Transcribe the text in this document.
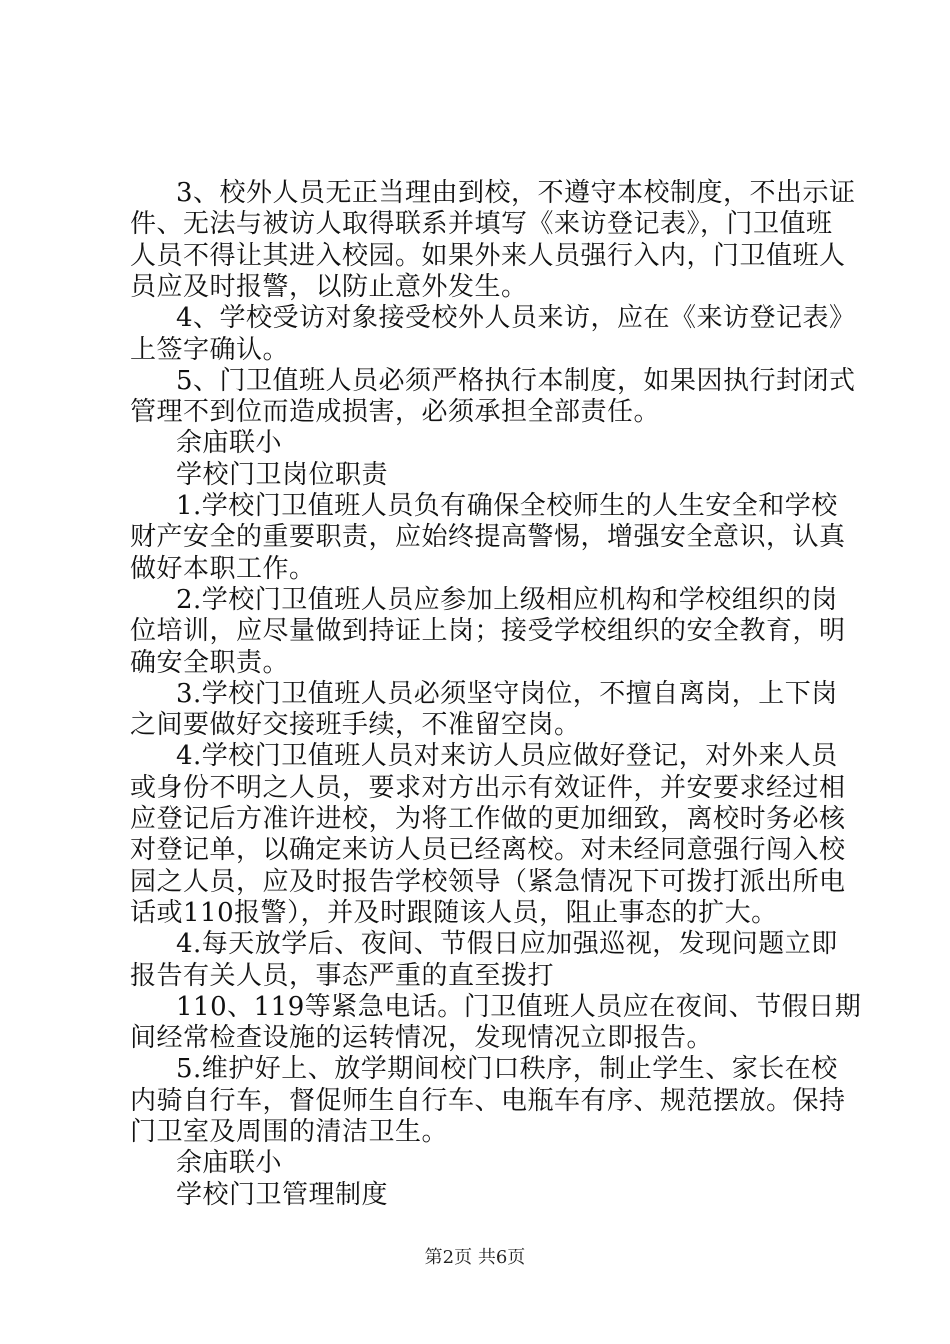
3、校外人员无正当理由到校，不遵守本校制度，不出示证
件、无法与被访人取得联系并填写《来访登记表》，门卫值班
人员不得让其进入校园。如果外来人员强行入内，门卫值班人
员应及时报警，以防止意外发生。
4、学校受访对象接受校外人员来访，应在《来访登记表》
上签字确认。
5、门卫值班人员必须严格执行本制度，如果因执行封闭式
管理不到位而造成损害，必须承担全部责任。
余庙联小
学校门卫岗位职责
1.学校门卫值班人员负有确保全校师生的人生安全和学校
财产安全的重要职责，应始终提高警惕，增强安全意识，认真
做好本职工作。
2.学校门卫值班人员应参加上级相应机构和学校组织的岗
位培训，应尽量做到持证上岗；接受学校组织的安全教育，明
确安全职责。
3.学校门卫值班人员必须坚守岗位，不擅自离岗，上下岗
之间要做好交接班手续，不准留空岗。
4.学校门卫值班人员对来访人员应做好登记，对外来人员
或身份不明之人员，要求对方出示有效证件，并安要求经过相
应登记后方准许进校，为将工作做的更加细致，离校时务必核
对登记单，以确定来访人员已经离校。对未经同意强行闯入校
园之人员，应及时报告学校领导（紧急情况下可拨打派出所电
话或110报警），并及时跟随该人员，阻止事态的扩大。
4.每天放学后、夜间、节假日应加强巡视，发现问题立即
报告有关人员，事态严重的直至拨打
110、119等紧急电话。门卫值班人员应在夜间、节假日期
间经常检查设施的运转情况，发现情况立即报告。
5.维护好上、放学期间校门口秩序，制止学生、家长在校
内骑自行车，督促师生自行车、电瓶车有序、规范摆放。保持
门卫室及周围的清洁卫生。
余庙联小
学校门卫管理制度
第2页 共6页
